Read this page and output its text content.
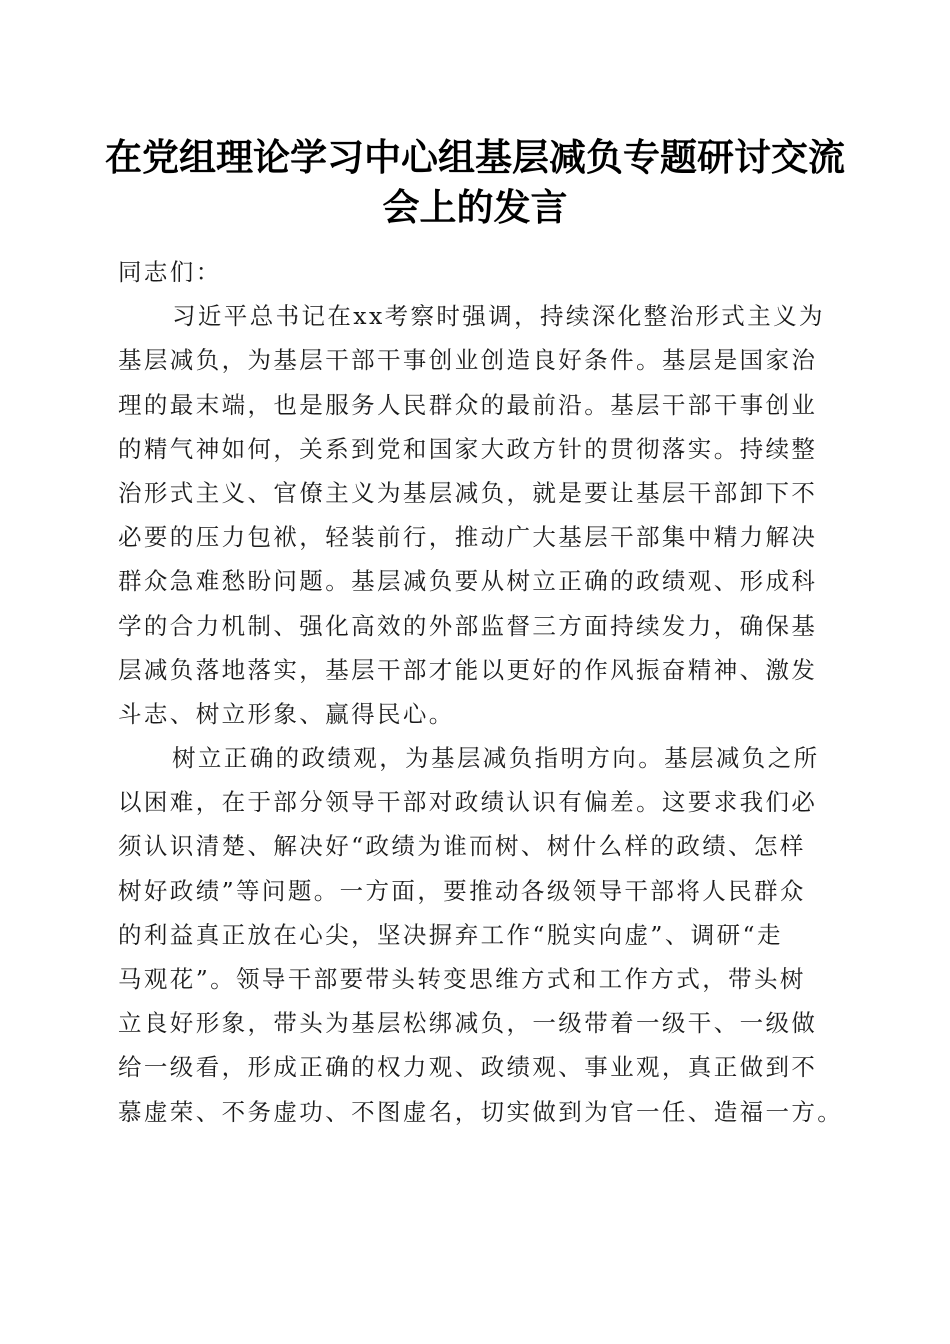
在党组理论学习中心组基层减负专题研讨交流
会上的发言
同志们：
习近平总书记在xx考察时强调，持续深化整治形式主义为
基层减负，为基层干部干事创业创造良好条件。基层是国家治
理的最末端，也是服务人民群众的最前沿。基层干部干事创业
的精气神如何，关系到党和国家大政方针的贯彻落实。持续整
治形式主义、官僚主义为基层减负，就是要让基层干部卸下不
必要的压力包袱，轻装前行，推动广大基层干部集中精力解决
群众急难愁盼问题。基层减负要从树立正确的政绩观、形成科
学的合力机制、强化高效的外部监督三方面持续发力，确保基
层减负落地落实，基层干部才能以更好的作风振奋精神、激发
斗志、树立形象、赢得民心。
树立正确的政绩观，为基层减负指明方向。基层减负之所
以困难，在于部分领导干部对政绩认识有偏差。这要求我们必
须认识清楚、解决好“政绩为谁而树、树什么样的政绩、怎样
树好政绩”等问题。一方面，要推动各级领导干部将人民群众
的利益真正放在心尖，坚决摒弃工作“脱实向虚”、调研“走
马观花”。领导干部要带头转变思维方式和工作方式，带头树
立良好形象，带头为基层松绑减负，一级带着一级干、一级做
给一级看，形成正确的权力观、政绩观、事业观，真正做到不
慕虚荣、不务虚功、不图虚名，切实做到为官一任、造福一方。
